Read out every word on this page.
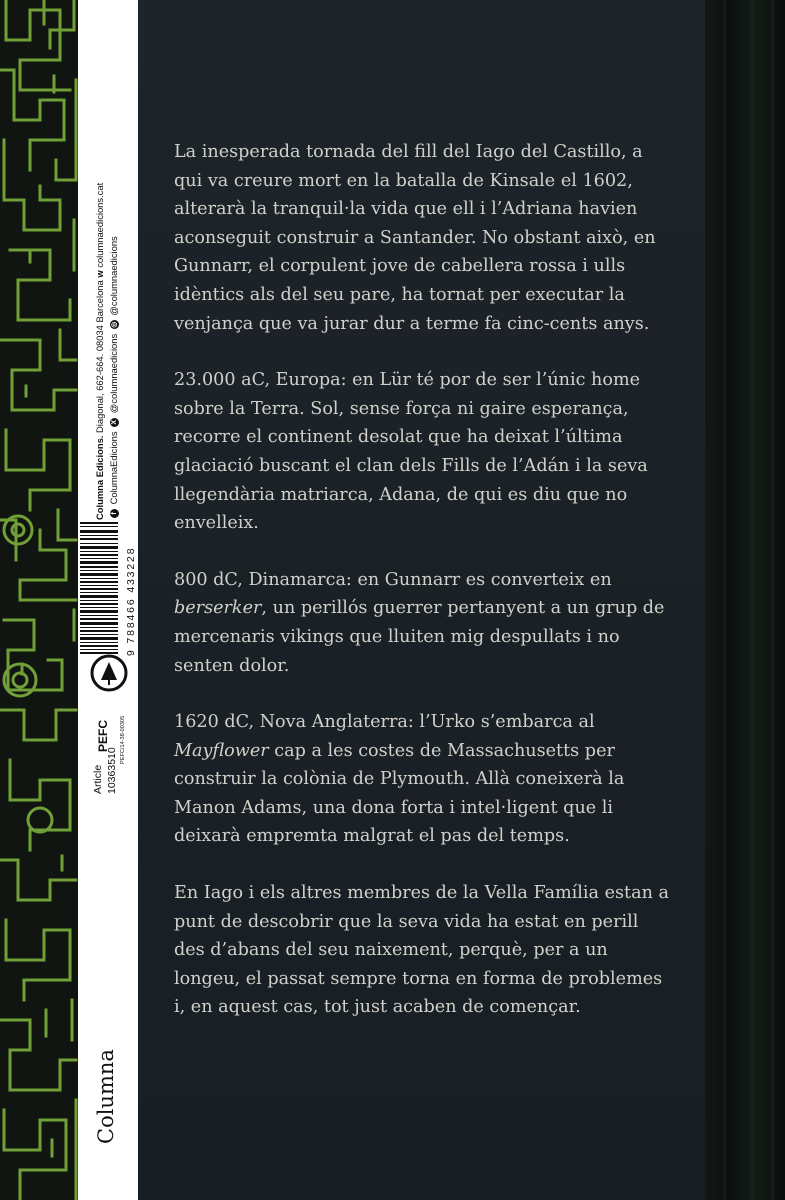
Columna Edicions. Diagonal, 662-664. 08034 Barcelona w columnaedicions.cat
f ColumnaEdicions X @columnaedicions ◎ @columnaedicions
9 788466 433228
PEFC PEFC/14-38-00305
Article 10363510
Columna

La inesperada tornada del fill del Iago del Castillo, a qui va creure mort en la batalla de Kinsale el 1602, alterarà la tranquil·la vida que ell i l’Adriana havien aconseguit construir a Santander. No obstant això, en Gunnarr, el corpulent jove de cabellera rossa i ulls idèntics als del seu pare, ha tornat per executar la venjança que va jurar dur a terme fa cinc-cents anys.

23.000 aC, Europa: en Lür té por de ser l’únic home sobre la Terra. Sol, sense força ni gaire esperança, recorre el continent desolat que ha deixat l’última glaciació buscant el clan dels Fills de l’Adán i la seva llegendària matriarca, Adana, de qui es diu que no envelleix.

800 dC, Dinamarca: en Gunnarr es converteix en berserker, un perillós guerrer pertanyent a un grup de mercenaris vikings que lluiten mig despullats i no senten dolor.

1620 dC, Nova Anglaterra: l’Urko s’embarca al Mayflower cap a les costes de Massachusetts per construir la colònia de Plymouth. Allà coneixerà la Manon Adams, una dona forta i intel·ligent que li deixarà empremta malgrat el pas del temps.

En Iago i els altres membres de la Vella Família estan a punt de descobrir que la seva vida ha estat en perill des d’abans del seu naixement, perquè, per a un longeu, el passat sempre torna en forma de problemes i, en aquest cas, tot just acaben de començar.
